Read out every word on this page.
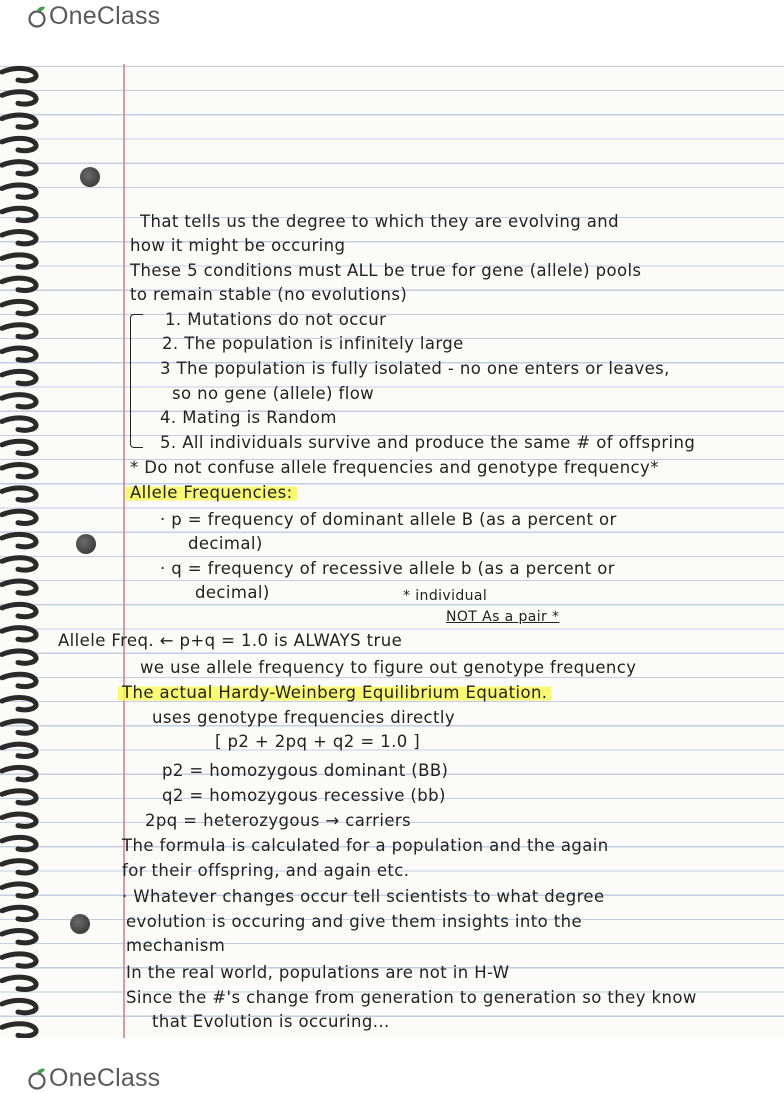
OneClass
That tells us the degree to which they are evolving and
how it might be occuring
These 5 conditions must ALL be true for gene (allele) pools
to remain stable (no evolutions)
1. Mutations do not occur
2. The population is infinitely large
3 The population is fully isolated - no one enters or leaves,
so no gene (allele) flow
4. Mating is Random
5. All individuals survive and produce the same # of offspring
* Do not confuse allele frequencies and genotype frequency*
Allele Frequencies:
· p = frequency of dominant allele B (as a percent or
decimal)
· q = frequency of recessive allele b (as a percent or
decimal)	* individual
NOT As a pair *
Allele Freq. ← p+q = 1.0 is ALWAYS true
we use allele frequency to figure out genotype frequency
The actual Hardy-Weinberg Equilibrium Equation.
uses genotype frequencies directly
[ p2 + 2pq + q2 = 1.0 ]
p2 = homozygous dominant (BB)
q2 = homozygous recessive (bb)
2pq = heterozygous → carriers
The formula is calculated for a population and the again
for their offspring, and again etc.
· Whatever changes occur tell scientists to what degree
evolution is occuring and give them insights into the
mechanism
In the real world, populations are not in H-W
Since the #'s change from generation to generation so they know
that Evolution is occuring...
OneClass
